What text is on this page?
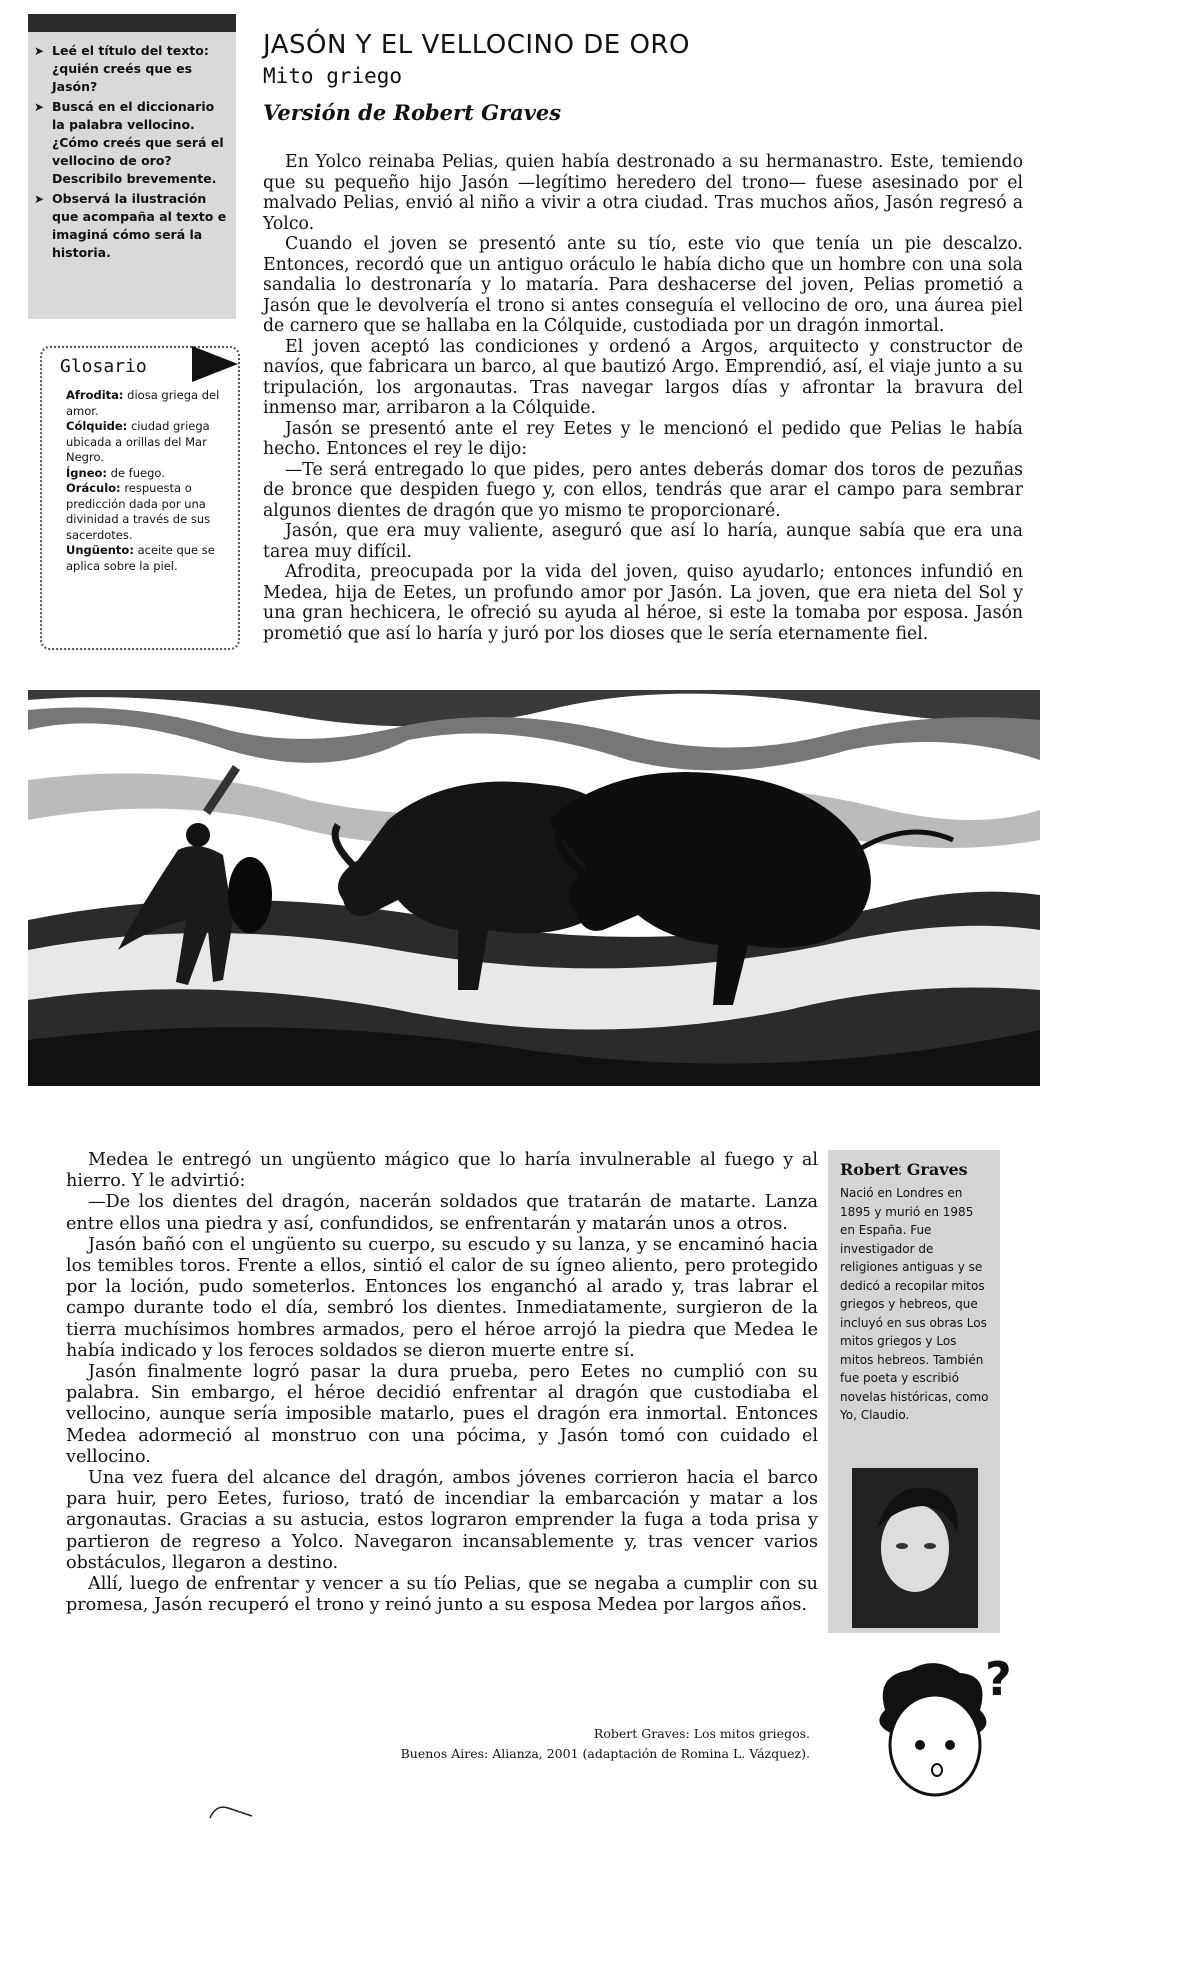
➤ Leé el título del texto: ¿quién creés que es Jasón?
➤ Buscá en el diccionario la palabra vellocino. ¿Cómo creés que será el vellocino de oro? Describilo brevemente.
➤ Observá la ilustración que acompaña al texto e imaginá cómo será la historia.
Glosario
Afrodita: diosa griega del amor.
Cólquide: ciudad griega ubicada a orillas del Mar Negro.
Ígneo: de fuego.
Oráculo: respuesta o predicción dada por una divinidad a través de sus sacerdotes.
Ungüento: aceite que se aplica sobre la piel.
JASÓN Y EL VELLOCINO DE ORO
Mito griego
Versión de Robert Graves

En Yolco reinaba Pelias, quien había destronado a su hermanastro. Este, temiendo que su pequeño hijo Jasón —legítimo heredero del trono— fuese asesinado por el malvado Pelias, envió al niño a vivir a otra ciudad. Tras muchos años, Jasón regresó a Yolco.

Cuando el joven se presentó ante su tío, este vio que tenía un pie descalzo. Entonces, recordó que un antiguo oráculo le había dicho que un hombre con una sola sandalia lo destronaría y lo mataría. Para deshacerse del joven, Pelias prometió a Jasón que le devolvería el trono si antes conseguía el vellocino de oro, una áurea piel de carnero que se hallaba en la Cólquide, custodiada por un dragón inmortal.

El joven aceptó las condiciones y ordenó a Argos, arquitecto y constructor de navíos, que fabricara un barco, al que bautizó Argo. Emprendió, así, el viaje junto a su tripulación, los argonautas. Tras navegar largos días y afrontar la bravura del inmenso mar, arribaron a la Cólquide.

Jasón se presentó ante el rey Eetes y le mencionó el pedido que Pelias le había hecho. Entonces el rey le dijo:

—Te será entregado lo que pides, pero antes deberás domar dos toros de pezuñas de bronce que despiden fuego y, con ellos, tendrás que arar el campo para sembrar algunos dientes de dragón que yo mismo te proporcionaré.

Jasón, que era muy valiente, aseguró que así lo haría, aunque sabía que era una tarea muy difícil.

Afrodita, preocupada por la vida del joven, quiso ayudarlo; entonces infundió en Medea, hija de Eetes, un profundo amor por Jasón. La joven, que era nieta del Sol y una gran hechicera, le ofreció su ayuda al héroe, si este la tomaba por esposa. Jasón prometió que así lo haría y juró por los dioses que le sería eternamente fiel.

Medea le entregó un ungüento mágico que lo haría invulnerable al fuego y al hierro. Y le advirtió:

—De los dientes del dragón, nacerán soldados que tratarán de matarte. Lanza entre ellos una piedra y así, confundidos, se enfrentarán y matarán unos a otros.

Jasón bañó con el ungüento su cuerpo, su escudo y su lanza, y se encaminó hacia los temibles toros. Frente a ellos, sintió el calor de su ígneo aliento, pero protegido por la loción, pudo someterlos. Entonces los enganchó al arado y, tras labrar el campo durante todo el día, sembró los dientes. Inmediatamente, surgieron de la tierra muchísimos hombres armados, pero el héroe arrojó la piedra que Medea le había indicado y los feroces soldados se dieron muerte entre sí.

Jasón finalmente logró pasar la dura prueba, pero Eetes no cumplió con su palabra. Sin embargo, el héroe decidió enfrentar al dragón que custodiaba el vellocino, aunque sería imposible matarlo, pues el dragón era inmortal. Entonces Medea adormeció al monstruo con una pócima, y Jasón tomó con cuidado el vellocino.

Una vez fuera del alcance del dragón, ambos jóvenes corrieron hacia el barco para huir, pero Eetes, furioso, trató de incendiar la embarcación y matar a los argonautas. Gracias a su astucia, estos lograron emprender la fuga a toda prisa y partieron de regreso a Yolco. Navegaron incansablemente y, tras vencer varios obstáculos, llegaron a destino.

Allí, luego de enfrentar y vencer a su tío Pelias, que se negaba a cumplir con su promesa, Jasón recuperó el trono y reinó junto a su esposa Medea por largos años.

Robert Graves: Los mitos griegos.
Buenos Aires: Alianza, 2001 (adaptación de Romina L. Vázquez).
Robert Graves
Nació en Londres en 1895 y murió en 1985 en España. Fue investigador de religiones antiguas y se dedicó a recopilar mitos griegos y hebreos, que incluyó en sus obras Los mitos griegos y Los mitos hebreos. También fue poeta y escribió novelas históricas, como Yo, Claudio.
?
